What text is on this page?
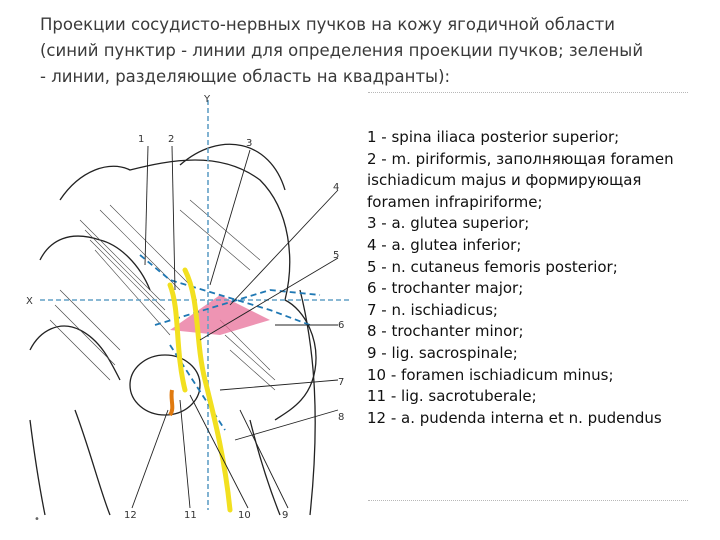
Проекции сосудисто-нервных пучков на кожу ягодичной области
(синий пунктир - линии для определения проекции пучков; зеленый
- линии, разделяющие область на квадранты):
Y
X
1 2	3
4
5
6
7
8
9
10
11
12
1 - spina iliaca posterior superior;
2 - m. piriformis, заполняющая foramen
ischiadicum majus и формирующая
foramen infrapiriforme;
3 - a. glutea superior;
4 - a. glutea inferior;
5 - n. cutaneus femoris posterior;
6 - trochanter major;
7 - n. ischiadicus;
8 - trochanter minor;
9 - lig. sacrospinale;
10 - foramen ischiadicum minus;
11 - lig. sacrotuberale;
12 - a. pudenda interna et n. pudendus
•
